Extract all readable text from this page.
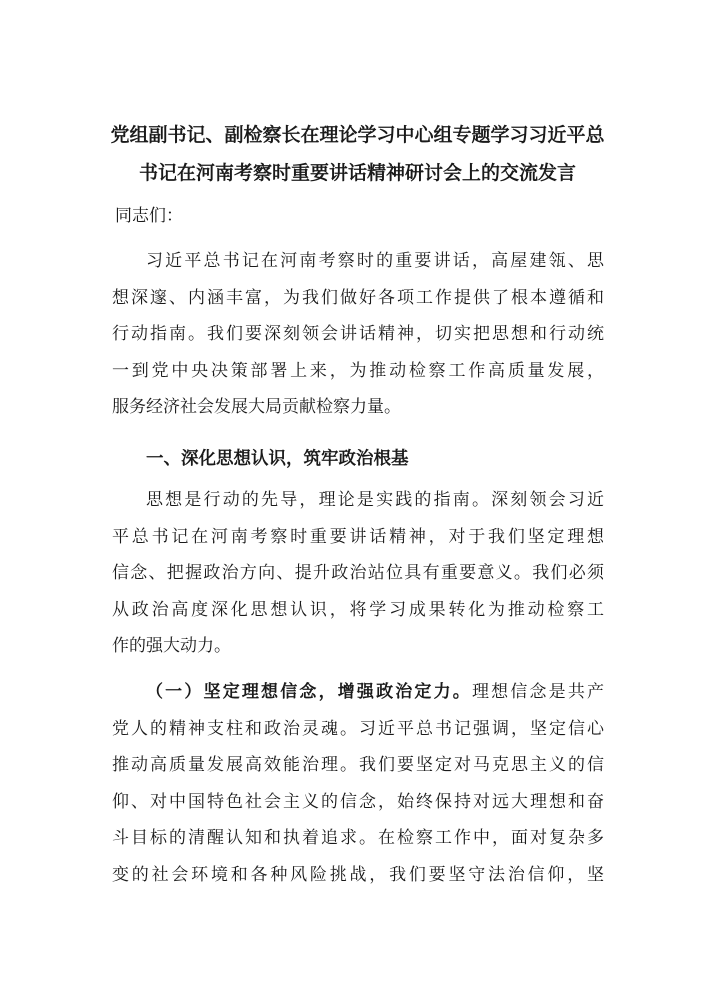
党组副书记、副检察长在理论学习中心组专题学习习近平总
书记在河南考察时重要讲话精神研讨会上的交流发言

同志们：

习近平总书记在河南考察时的重要讲话，高屋建瓴、思
想深邃、内涵丰富，为我们做好各项工作提供了根本遵循和
行动指南。我们要深刻领会讲话精神，切实把思想和行动统
一到党中央决策部署上来，为推动检察工作高质量发展，
服务经济社会发展大局贡献检察力量。
一、深化思想认识，筑牢政治根基
思想是行动的先导，理论是实践的指南。深刻领会习近
平总书记在河南考察时重要讲话精神，对于我们坚定理想
信念、把握政治方向、提升政治站位具有重要意义。我们必须
从政治高度深化思想认识，将学习成果转化为推动检察工
作的强大动力。
（一）坚定理想信念，增强政治定力。理想信念是共产
党人的精神支柱和政治灵魂。习近平总书记强调，坚定信心
推动高质量发展高效能治理。我们要坚定对马克思主义的信
仰、对中国特色社会主义的信念，始终保持对远大理想和奋
斗目标的清醒认知和执着追求。在检察工作中，面对复杂多
变的社会环境和各种风险挑战，我们要坚守法治信仰，坚
